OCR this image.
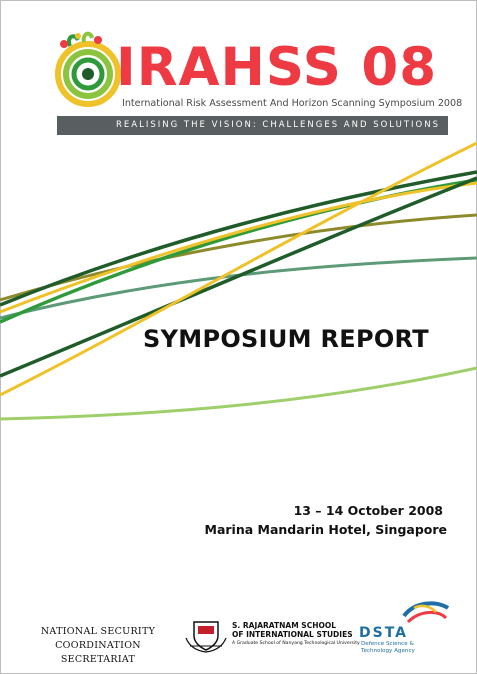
IRAHSS 08
International Risk Assessment And Horizon Scanning Symposium 2008
REALISING THE VISION: CHALLENGES AND SOLUTIONS
SYMPOSIUM REPORT
13 – 14 October 2008
Marina Mandarin Hotel, Singapore
NATIONAL SECURITY
COORDINATION SECRETARIAT
S. RAJARATNAM SCHOOL
OF INTERNATIONAL STUDIES
A Graduate School of Nanyang Technological University
DSTA
Defence Science & Technology Agency
